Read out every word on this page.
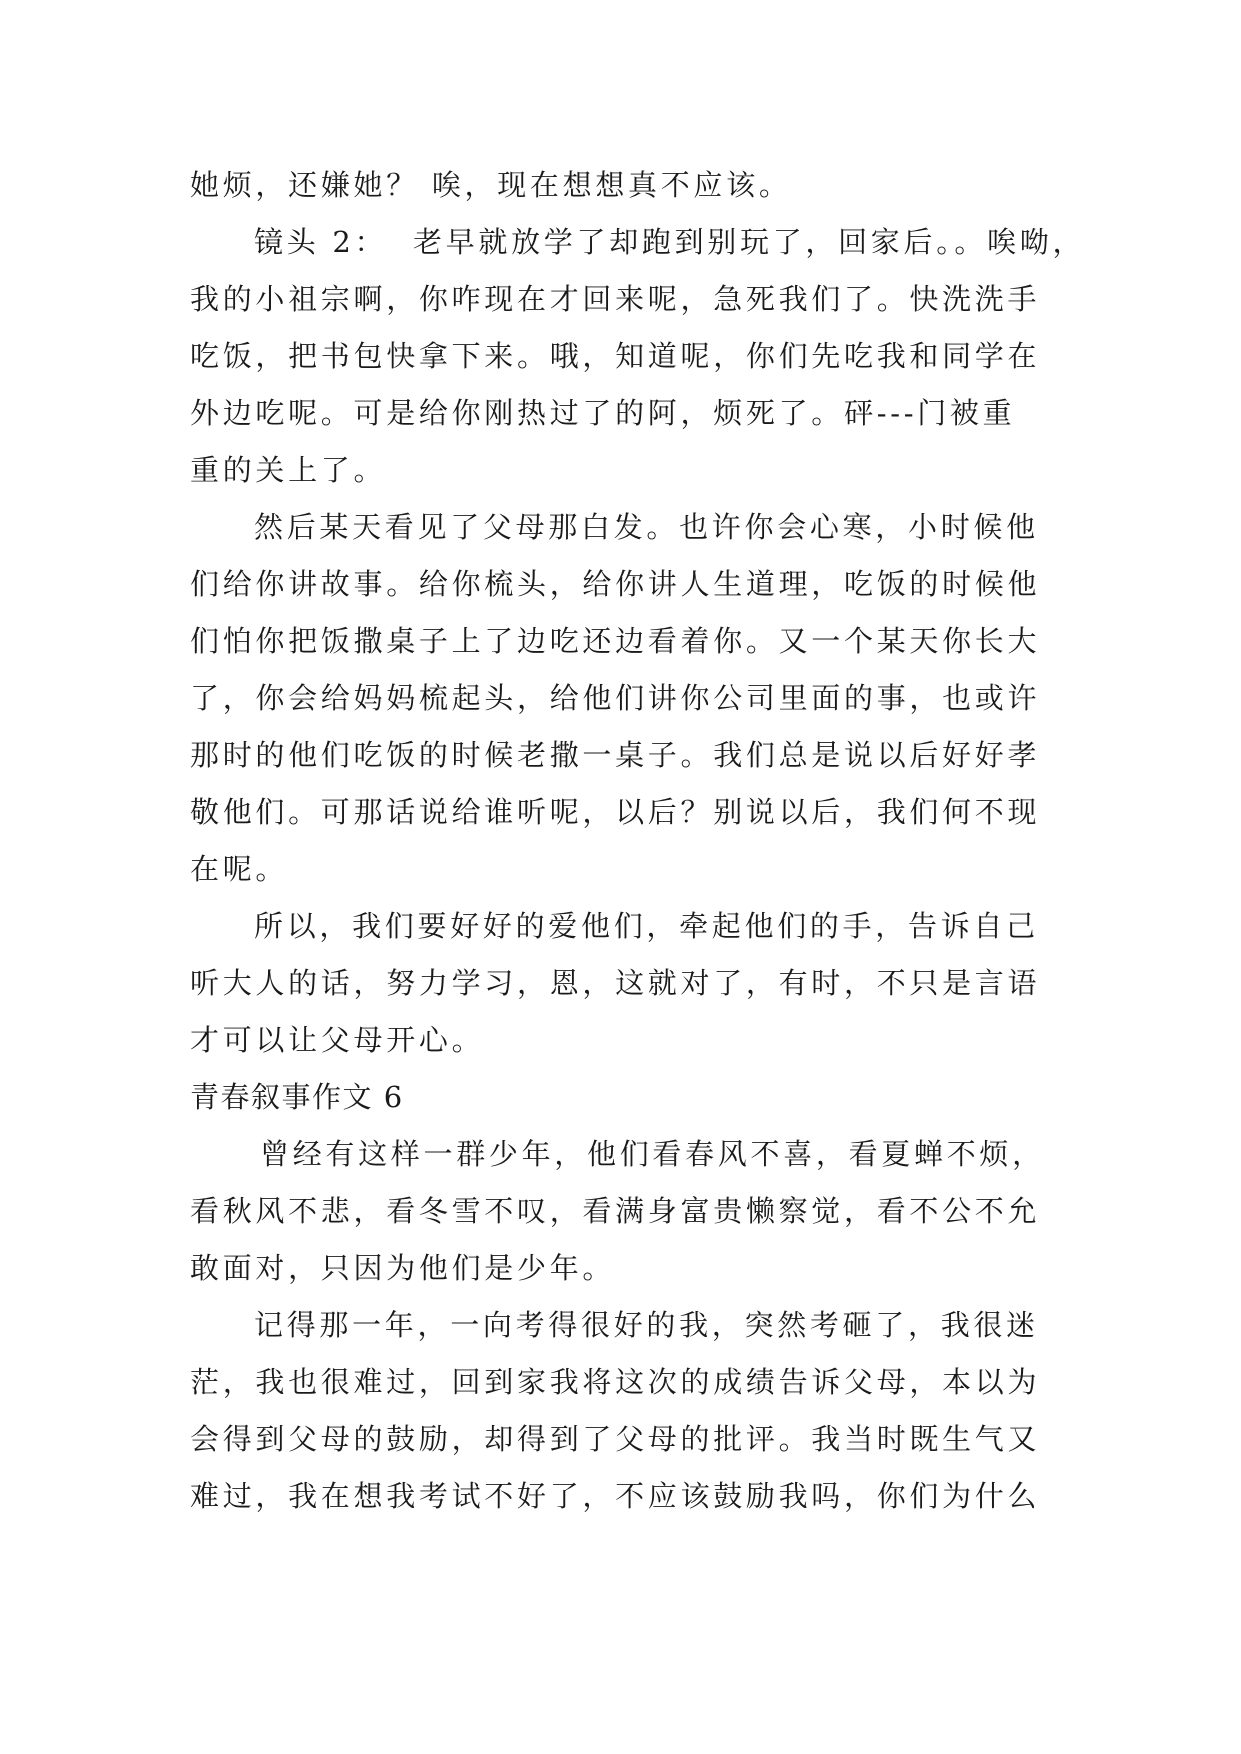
她烦，还嫌她？ 唉，现在想想真不应该。
镜头 2：  老早就放学了却跑到别玩了，回家后。。唉呦，
我的小祖宗啊，你咋现在才回来呢，急死我们了。快洗洗手
吃饭，把书包快拿下来。哦，知道呢，你们先吃我和同学在
外边吃呢。可是给你刚热过了的阿，烦死了。砰---门被重
重的关上了。
然后某天看见了父母那白发。也许你会心寒，小时候他
们给你讲故事。给你梳头，给你讲人生道理，吃饭的时候他
们怕你把饭撒桌子上了边吃还边看着你。又一个某天你长大
了，你会给妈妈梳起头，给他们讲你公司里面的事，也或许
那时的他们吃饭的时候老撒一桌子。我们总是说以后好好孝
敬他们。可那话说给谁听呢，以后？别说以后，我们何不现
在呢。
所以，我们要好好的爱他们，牵起他们的手，告诉自己
听大人的话，努力学习，恩，这就对了，有时，不只是言语
才可以让父母开心。
青春叙事作文 6
曾经有这样一群少年，他们看春风不喜，看夏蝉不烦，
看秋风不悲，看冬雪不叹，看满身富贵懒察觉，看不公不允
敢面对，只因为他们是少年。
记得那一年，一向考得很好的我，突然考砸了，我很迷
茫，我也很难过，回到家我将这次的成绩告诉父母，本以为
会得到父母的鼓励，却得到了父母的批评。我当时既生气又
难过，我在想我考试不好了，不应该鼓励我吗，你们为什么
